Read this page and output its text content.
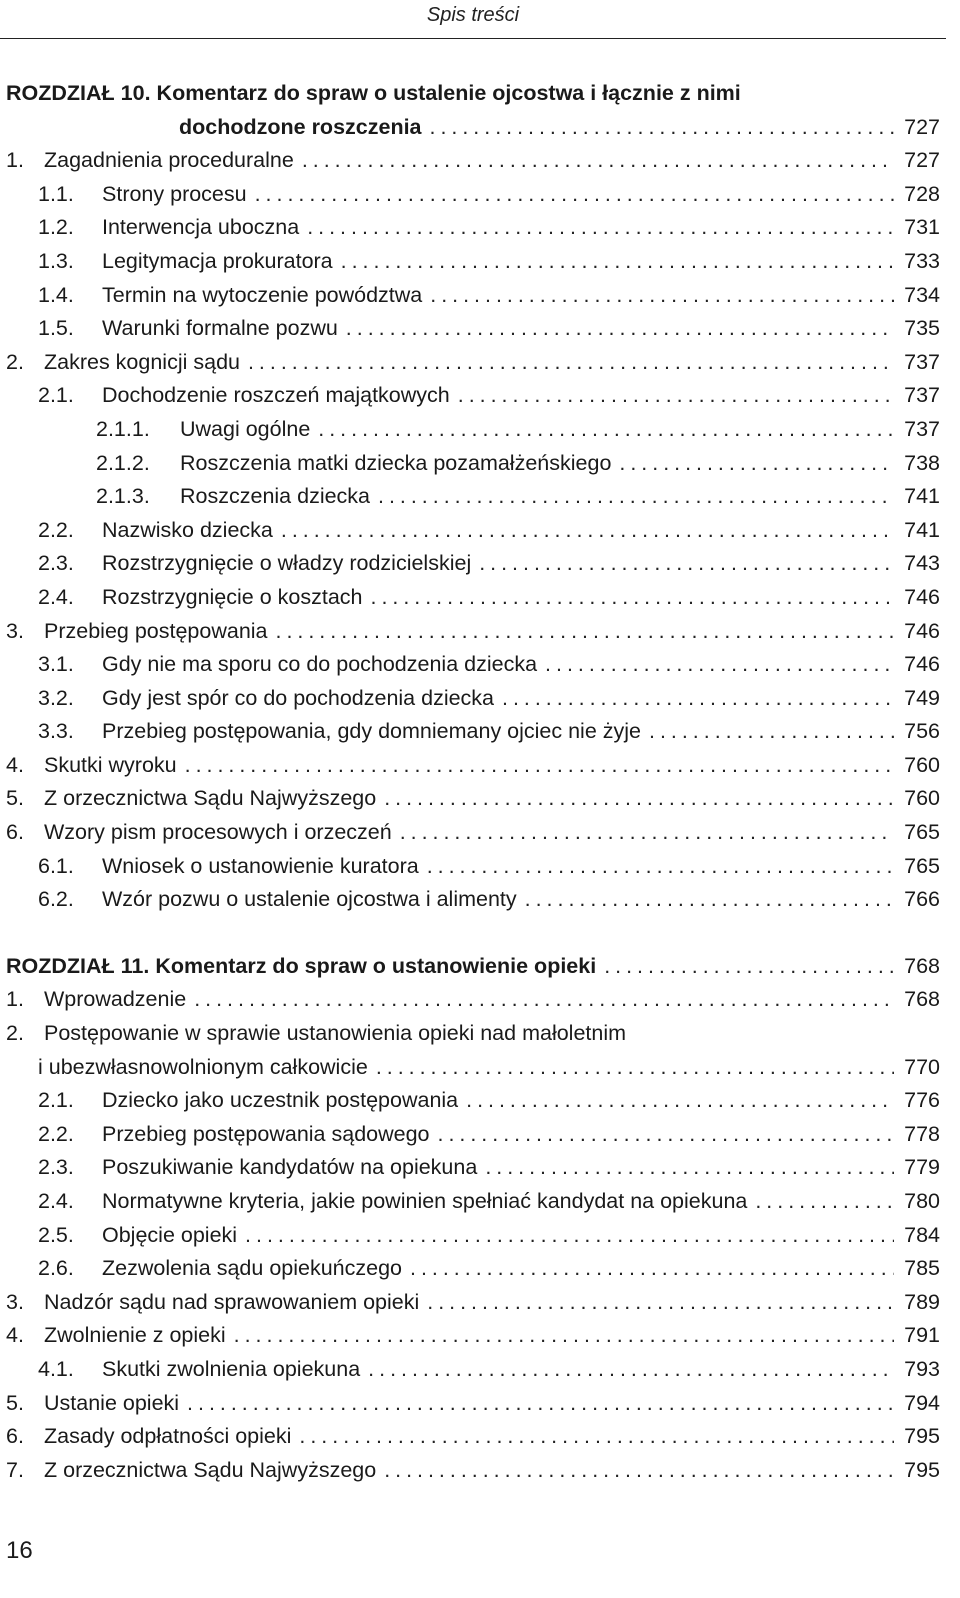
Spis treści
ROZDZIAŁ 10. Komentarz do spraw o ustalenie ojcostwa i łącznie z nimi
dochodzone roszczenia . . .	727
1. Zagadnienia proceduralne . . .	727
1.1.	Strony procesu . . .	728
1.2.	Interwencja uboczna . . .	731
1.3.	Legitymacja prokuratora . . .	733
1.4.	Termin na wytoczenie powództwa . . .	734
1.5.	Warunki formalne pozwu . . .	735
2. Zakres kognicji sądu . . .	737
2.1.	Dochodzenie roszczeń majątkowych . . .	737
2.1.1.	Uwagi ogólne . . .	737
2.1.2.	Roszczenia matki dziecka pozamałżeńskiego . . .	738
2.1.3.	Roszczenia dziecka . . .	741
2.2.	Nazwisko dziecka . . .	741
2.3.	Rozstrzygnięcie o władzy rodzicielskiej . . .	743
2.4.	Rozstrzygnięcie o kosztach . . .	746
3. Przebieg postępowania . . .	746
3.1.	Gdy nie ma sporu co do pochodzenia dziecka . . .	746
3.2.	Gdy jest spór co do pochodzenia dziecka . . .	749
3.3.	Przebieg postępowania, gdy domniemany ojciec nie żyje . . .	756
4. Skutki wyroku . . .	760
5. Z orzecznictwa Sądu Najwyższego . . .	760
6. Wzory pism procesowych i orzeczeń . . .	765
6.1.	Wniosek o ustanowienie kuratora . . .	765
6.2.	Wzór pozwu o ustalenie ojcostwa i alimenty . . .	766
ROZDZIAŁ 11. Komentarz do spraw o ustanowienie opieki . . .	768
1. Wprowadzenie . . .	768
2. Postępowanie w sprawie ustanowienia opieki nad małoletnim
i ubezwłasnowolnionym całkowicie . . .	770
2.1.	Dziecko jako uczestnik postępowania . . .	776
2.2.	Przebieg postępowania sądowego . . .	778
2.3.	Poszukiwanie kandydatów na opiekuna . . .	779
2.4.	Normatywne kryteria, jakie powinien spełniać kandydat na opiekuna . . .	780
2.5.	Objęcie opieki . . .	784
2.6.	Zezwolenia sądu opiekuńczego . . .	785
3. Nadzór sądu nad sprawowaniem opieki . . .	789
4. Zwolnienie z opieki . . .	791
4.1.	Skutki zwolnienia opiekuna . . .	793
5. Ustanie opieki . . .	794
6. Zasady odpłatności opieki . . .	795
7. Z orzecznictwa Sądu Najwyższego . . .	795
16
